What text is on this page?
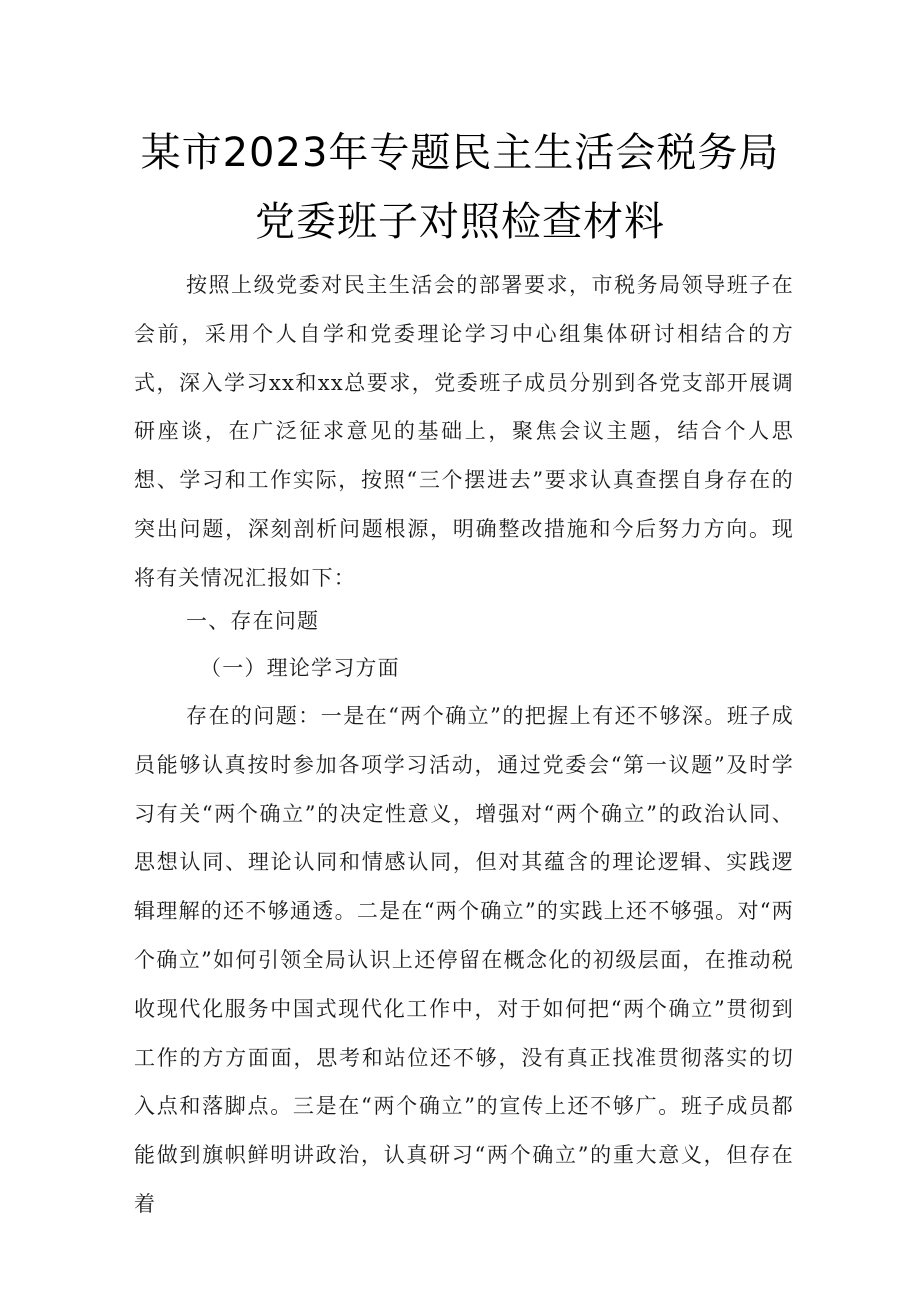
某市2023年专题民主生活会税务局
党委班子对照检查材料

按照上级党委对民主生活会的部署要求，市税务局领导班子在会前，采用个人自学和党委理论学习中心组集体研讨相结合的方式，深入学习xx和xx总要求，党委班子成员分别到各党支部开展调研座谈，在广泛征求意见的基础上，聚焦会议主题，结合个人思想、学习和工作实际，按照“三个摆进去”要求认真查摆自身存在的突出问题，深刻剖析问题根源，明确整改措施和今后努力方向。现将有关情况汇报如下：

一、存在问题
（一）理论学习方面

存在的问题：一是在“两个确立”的把握上有还不够深。班子成员能够认真按时参加各项学习活动，通过党委会“第一议题”及时学习有关“两个确立”的决定性意义，增强对“两个确立”的政治认同、思想认同、理论认同和情感认同，但对其蕴含的理论逻辑、实践逻辑理解的还不够通透。二是在“两个确立”的实践上还不够强。对“两个确立”如何引领全局认识上还停留在概念化的初级层面，在推动税收现代化服务中国式现代化工作中，对于如何把“两个确立”贯彻到工作的方方面面，思考和站位还不够，没有真正找准贯彻落实的切入点和落脚点。三是在“两个确立”的宣传上还不够广。班子成员都能做到旗帜鲜明讲政治，认真研习“两个确立”的重大意义，但存在着
